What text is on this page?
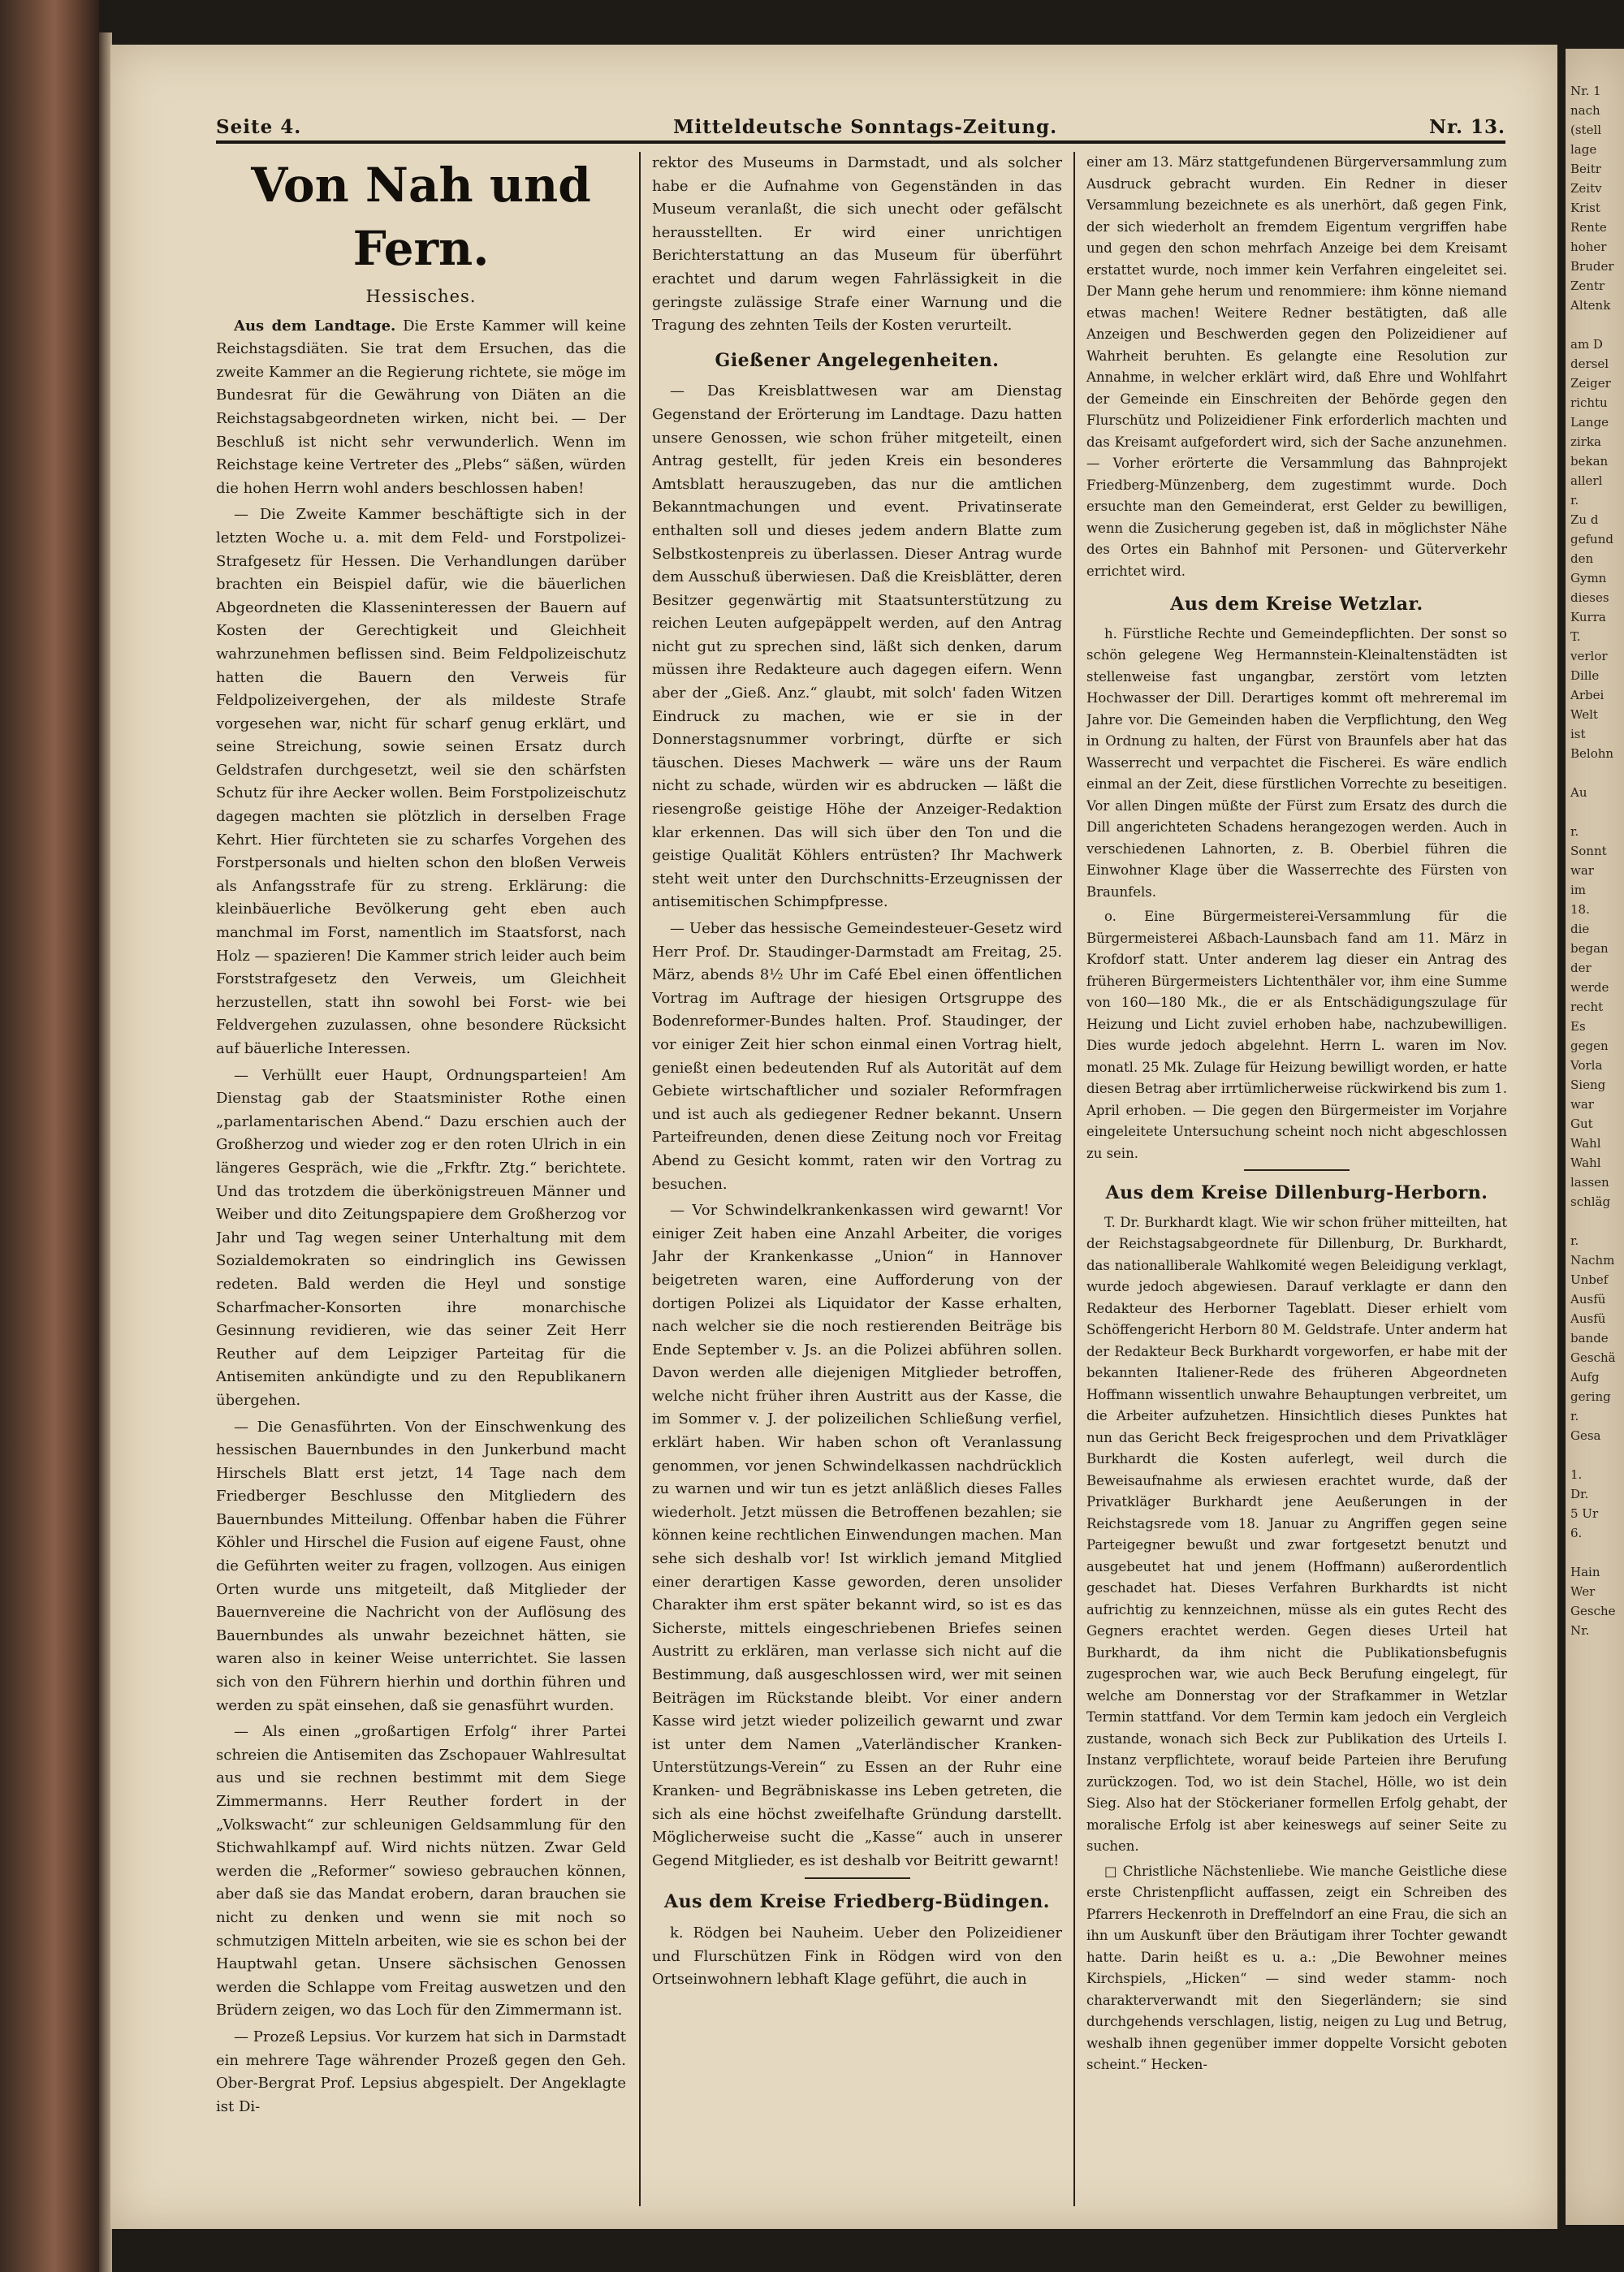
Seite 4.	Mitteldeutsche Sonntags-Zeitung.	Nr. 13.
Von Nah und Fern.
Hessisches.

Aus dem Landtage. Die Erste Kammer will keine Reichstagsdiäten. Sie trat dem Ersuchen, das die zweite Kammer an die Regierung richtete, sie möge im Bundesrat für die Gewährung von Diäten an die Reichstagsabgeordneten wirken, nicht bei. — Der Beschluß ist nicht sehr verwunderlich. Wenn im Reichstage keine Vertreter des „Plebs“ säßen, würden die hohen Herrn wohl anders beschlossen haben!

— Die Zweite Kammer beschäftigte sich in der letzten Woche u. a. mit dem Feld- und Forstpolizei-Strafgesetz für Hessen. Die Verhandlungen darüber brachten ein Beispiel dafür, wie die bäuerlichen Abgeordneten die Klasseninteressen der Bauern auf Kosten der Gerechtigkeit und Gleichheit wahrzunehmen beflissen sind. Beim Feldpolizeischutz hatten die Bauern den Verweis für Feldpolizeivergehen, der als mildeste Strafe vorgesehen war, nicht für scharf genug erklärt, und seine Streichung, sowie seinen Ersatz durch Geldstrafen durchgesetzt, weil sie den schärfsten Schutz für ihre Aecker wollen. Beim Forstpolizeischutz dagegen machten sie plötzlich in derselben Frage Kehrt. Hier fürchteten sie zu scharfes Vorgehen des Forstpersonals und hielten schon den bloßen Verweis als Anfangsstrafe für zu streng. Erklärung: die kleinbäuerliche Bevölkerung geht eben auch manchmal im Forst, namentlich im Staatsforst, nach Holz — spazieren! Die Kammer strich leider auch beim Forststrafgesetz den Verweis, um Gleichheit herzustellen, statt ihn sowohl bei Forst- wie bei Feldvergehen zuzulassen, ohne besondere Rücksicht auf bäuerliche Interessen.

— Verhüllt euer Haupt, Ordnungsparteien! Am Dienstag gab der Staatsminister Rothe einen „parlamentarischen Abend.“ Dazu erschien auch der Großherzog und wieder zog er den roten Ulrich in ein längeres Gespräch, wie die „Frkftr. Ztg.“ berichtete. Und das trotzdem die überkönigstreuen Männer und Weiber und dito Zeitungspapiere dem Großherzog vor Jahr und Tag wegen seiner Unterhaltung mit dem Sozialdemokraten so eindringlich ins Gewissen redeten. Bald werden die Heyl und sonstige Scharfmacher-Konsorten ihre monarchische Gesinnung revidieren, wie das seiner Zeit Herr Reuther auf dem Leipziger Parteitag für die Antisemiten ankündigte und zu den Republikanern übergehen.

— Die Genasführten. Von der Einschwenkung des hessischen Bauernbundes in den Junkerbund macht Hirschels Blatt erst jetzt, 14 Tage nach dem Friedberger Beschlusse den Mitgliedern des Bauernbundes Mitteilung. Offenbar haben die Führer Köhler und Hirschel die Fusion auf eigene Faust, ohne die Geführten weiter zu fragen, vollzogen. Aus einigen Orten wurde uns mitgeteilt, daß Mitglieder der Bauernvereine die Nachricht von der Auflösung des Bauernbundes als unwahr bezeichnet hätten, sie waren also in keiner Weise unterrichtet. Sie lassen sich von den Führern hierhin und dorthin führen und werden zu spät einsehen, daß sie genasführt wurden.

— Als einen „großartigen Erfolg“ ihrer Partei schreien die Antisemiten das Zschopauer Wahlresultat aus und sie rechnen bestimmt mit dem Siege Zimmermanns. Herr Reuther fordert in der „Volkswacht“ zur schleunigen Geldsammlung für den Stichwahlkampf auf. Wird nichts nützen. Zwar Geld werden die „Reformer“ sowieso gebrauchen können, aber daß sie das Mandat erobern, daran brauchen sie nicht zu denken und wenn sie mit noch so schmutzigen Mitteln arbeiten, wie sie es schon bei der Hauptwahl getan. Unsere sächsischen Genossen werden die Schlappe vom Freitag auswetzen und den Brüdern zeigen, wo das Loch für den Zimmermann ist.

— Prozeß Lepsius. Vor kurzem hat sich in Darmstadt ein mehrere Tage währender Prozeß gegen den Geh. Ober-Bergrat Prof. Lepsius abgespielt. Der Angeklagte ist Di-

rektor des Museums in Darmstadt, und als solcher habe er die Aufnahme von Gegenständen in das Museum veranlaßt, die sich unecht oder gefälscht herausstellten. Er wird einer unrichtigen Berichterstattung an das Museum für überführt erachtet und darum wegen Fahrlässigkeit in die geringste zulässige Strafe einer Warnung und die Tragung des zehnten Teils der Kosten verurteilt.

Gießener Angelegenheiten.

— Das Kreisblattwesen war am Dienstag Gegenstand der Erörterung im Landtage. Dazu hatten unsere Genossen, wie schon früher mitgeteilt, einen Antrag gestellt, für jeden Kreis ein besonderes Amtsblatt herauszugeben, das nur die amtlichen Bekanntmachungen und event. Privatinserate enthalten soll und dieses jedem andern Blatte zum Selbstkostenpreis zu überlassen. Dieser Antrag wurde dem Ausschuß überwiesen. Daß die Kreisblätter, deren Besitzer gegenwärtig mit Staatsunterstützung zu reichen Leuten aufgepäppelt werden, auf den Antrag nicht gut zu sprechen sind, läßt sich denken, darum müssen ihre Redakteure auch dagegen eifern. Wenn aber der „Gieß. Anz.“ glaubt, mit solch' faden Witzen Eindruck zu machen, wie er sie in der Donnerstagsnummer vorbringt, dürfte er sich täuschen. Dieses Machwerk — wäre uns der Raum nicht zu schade, würden wir es abdrucken — läßt die riesengroße geistige Höhe der Anzeiger-Redaktion klar erkennen. Das will sich über den Ton und die geistige Qualität Köhlers entrüsten? Ihr Machwerk steht weit unter den Durchschnitts-Erzeugnissen der antisemitischen Schimpfpresse.

— Ueber das hessische Gemeindesteuer-Gesetz wird Herr Prof. Dr. Staudinger-Darmstadt am Freitag, 25. März, abends 8½ Uhr im Café Ebel einen öffentlichen Vortrag im Auftrage der hiesigen Ortsgruppe des Bodenreformer-Bundes halten. Prof. Staudinger, der vor einiger Zeit hier schon einmal einen Vortrag hielt, genießt einen bedeutenden Ruf als Autorität auf dem Gebiete wirtschaftlicher und sozialer Reformfragen und ist auch als gediegener Redner bekannt. Unsern Parteifreunden, denen diese Zeitung noch vor Freitag Abend zu Gesicht kommt, raten wir den Vortrag zu besuchen.

— Vor Schwindelkrankenkassen wird gewarnt! Vor einiger Zeit haben eine Anzahl Arbeiter, die voriges Jahr der Krankenkasse „Union“ in Hannover beigetreten waren, eine Aufforderung von der dortigen Polizei als Liquidator der Kasse erhalten, nach welcher sie die noch restierenden Beiträge bis Ende September v. Js. an die Polizei abführen sollen. Davon werden alle diejenigen Mitglieder betroffen, welche nicht früher ihren Austritt aus der Kasse, die im Sommer v. J. der polizeilichen Schließung verfiel, erklärt haben. Wir haben schon oft Veranlassung genommen, vor jenen Schwindelkassen nachdrücklich zu warnen und wir tun es jetzt anläßlich dieses Falles wiederholt. Jetzt müssen die Betroffenen bezahlen; sie können keine rechtlichen Einwendungen machen. Man sehe sich deshalb vor! Ist wirklich jemand Mitglied einer derartigen Kasse geworden, deren unsolider Charakter ihm erst später bekannt wird, so ist es das Sicherste, mittels eingeschriebenen Briefes seinen Austritt zu erklären, man verlasse sich nicht auf die Bestimmung, daß ausgeschlossen wird, wer mit seinen Beiträgen im Rückstande bleibt. Vor einer andern Kasse wird jetzt wieder polizeilich gewarnt und zwar ist unter dem Namen „Vaterländischer Kranken-Unterstützungs-Verein“ zu Essen an der Ruhr eine Kranken- und Begräbniskasse ins Leben getreten, die sich als eine höchst zweifelhafte Gründung darstellt. Möglicherweise sucht die „Kasse“ auch in unserer Gegend Mitglieder, es ist deshalb vor Beitritt gewarnt!

Aus dem Kreise Friedberg-Büdingen.

k. Rödgen bei Nauheim. Ueber den Polizeidiener und Flurschützen Fink in Rödgen wird von den Ortseinwohnern lebhaft Klage geführt, die auch in

einer am 13. März stattgefundenen Bürgerversammlung zum Ausdruck gebracht wurden. Ein Redner in dieser Versammlung bezeichnete es als unerhört, daß gegen Fink, der sich wiederholt an fremdem Eigentum vergriffen habe und gegen den schon mehrfach Anzeige bei dem Kreisamt erstattet wurde, noch immer kein Verfahren eingeleitet sei. Der Mann gehe herum und renommiere: ihm könne niemand etwas machen! Weitere Redner bestätigten, daß alle Anzeigen und Beschwerden gegen den Polizeidiener auf Wahrheit beruhten. Es gelangte eine Resolution zur Annahme, in welcher erklärt wird, daß Ehre und Wohlfahrt der Gemeinde ein Einschreiten der Behörde gegen den Flurschütz und Polizeidiener Fink erforderlich machten und das Kreisamt aufgefordert wird, sich der Sache anzunehmen. — Vorher erörterte die Versammlung das Bahnprojekt Friedberg-Münzenberg, dem zugestimmt wurde. Doch ersuchte man den Gemeinderat, erst Gelder zu bewilligen, wenn die Zusicherung gegeben ist, daß in möglichster Nähe des Ortes ein Bahnhof mit Personen- und Güterverkehr errichtet wird.

Aus dem Kreise Wetzlar.

h. Fürstliche Rechte und Gemeindepflichten. Der sonst so schön gelegene Weg Hermannstein-Kleinaltenstädten ist stellenweise fast ungangbar, zerstört vom letzten Hochwasser der Dill. Derartiges kommt oft mehreremal im Jahre vor. Die Gemeinden haben die Verpflichtung, den Weg in Ordnung zu halten, der Fürst von Braunfels aber hat das Wasserrecht und verpachtet die Fischerei. Es wäre endlich einmal an der Zeit, diese fürstlichen Vorrechte zu beseitigen. Vor allen Dingen müßte der Fürst zum Ersatz des durch die Dill angerichteten Schadens herangezogen werden. Auch in verschiedenen Lahnorten, z. B. Oberbiel führen die Einwohner Klage über die Wasserrechte des Fürsten von Braunfels.

o. Eine Bürgermeisterei-Versammlung für die Bürgermeisterei Aßbach-Launsbach fand am 11. März in Krofdorf statt. Unter anderem lag dieser ein Antrag des früheren Bürgermeisters Lichtenthäler vor, ihm eine Summe von 160—180 Mk., die er als Entschädigungszulage für Heizung und Licht zuviel erhoben habe, nachzubewilligen. Dies wurde jedoch abgelehnt. Herrn L. waren im Nov. monatl. 25 Mk. Zulage für Heizung bewilligt worden, er hatte diesen Betrag aber irrtümlicherweise rückwirkend bis zum 1. April erhoben. — Die gegen den Bürgermeister im Vorjahre eingeleitete Untersuchung scheint noch nicht abgeschlossen zu sein.

Aus dem Kreise Dillenburg-Herborn.

T. Dr. Burkhardt klagt. Wie wir schon früher mitteilten, hat der Reichstagsabgeordnete für Dillenburg, Dr. Burkhardt, das nationalliberale Wahlkomité wegen Beleidigung verklagt, wurde jedoch abgewiesen. Darauf verklagte er dann den Redakteur des Herborner Tageblatt. Dieser erhielt vom Schöffengericht Herborn 80 M. Geldstrafe. Unter anderm hat der Redakteur Beck Burkhardt vorgeworfen, er habe mit der bekannten Italiener-Rede des früheren Abgeordneten Hoffmann wissentlich unwahre Behauptungen verbreitet, um die Arbeiter aufzuhetzen. Hinsichtlich dieses Punktes hat nun das Gericht Beck freigesprochen und dem Privatkläger Burkhardt die Kosten auferlegt, weil durch die Beweisaufnahme als erwiesen erachtet wurde, daß der Privatkläger Burkhardt jene Aeußerungen in der Reichstagsrede vom 18. Januar zu Angriffen gegen seine Parteigegner bewußt und zwar fortgesetzt benutzt und ausgebeutet hat und jenem (Hoffmann) außerordentlich geschadet hat. Dieses Verfahren Burkhardts ist nicht aufrichtig zu kennzeichnen, müsse als ein gutes Recht des Gegners erachtet werden. Gegen dieses Urteil hat Burkhardt, da ihm nicht die Publikationsbefugnis zugesprochen war, wie auch Beck Berufung eingelegt, für welche am Donnerstag vor der Strafkammer in Wetzlar Termin stattfand. Vor dem Termin kam jedoch ein Vergleich zustande, wonach sich Beck zur Publikation des Urteils I. Instanz verpflichtete, worauf beide Parteien ihre Berufung zurückzogen. Tod, wo ist dein Stachel, Hölle, wo ist dein Sieg. Also hat der Stöckerianer formellen Erfolg gehabt, der moralische Erfolg ist aber keineswegs auf seiner Seite zu suchen.

□ Christliche Nächstenliebe. Wie manche Geistliche diese erste Christenpflicht auffassen, zeigt ein Schreiben des Pfarrers Heckenroth in Dreffelndorf an eine Frau, die sich an ihn um Auskunft über den Bräutigam ihrer Tochter gewandt hatte. Darin heißt es u. a.: „Die Bewohner meines Kirchspiels, „Hicken“ — sind weder stamm- noch charakterverwandt mit den Siegerländern; sie sind durchgehends verschlagen, listig, neigen zu Lug und Betrug, weshalb ihnen gegenüber immer doppelte Vorsicht geboten scheint.“ Hecken-

Nr. 1
nach
(stell
lage
Beitr
Zeitv
Krist
Rente
hoher
Bruder
Zentr
Altenk

am D
dersel
Zeiger
richtu
Lange
zirka
bekan
allerl
r.
Zu d
gefund
den
Gymn
dieses
Kurra
T.
verlor
Dille
Arbei
Welt
ist
Belohn

Au

r.
Sonnt
war
im
18.
die
began
der
werde
recht
Es
gegen
Vorla
Sieng
war
Gut
Wahl
Wahl
lassen
schläg

r.
Nachm
Unbef
Ausfü
Ausfü
bande
Geschä
Aufg
gering
r.
Gesa

1.
Dr.
5 Ur
6.

Hain
Wer
Gesche
Nr.
